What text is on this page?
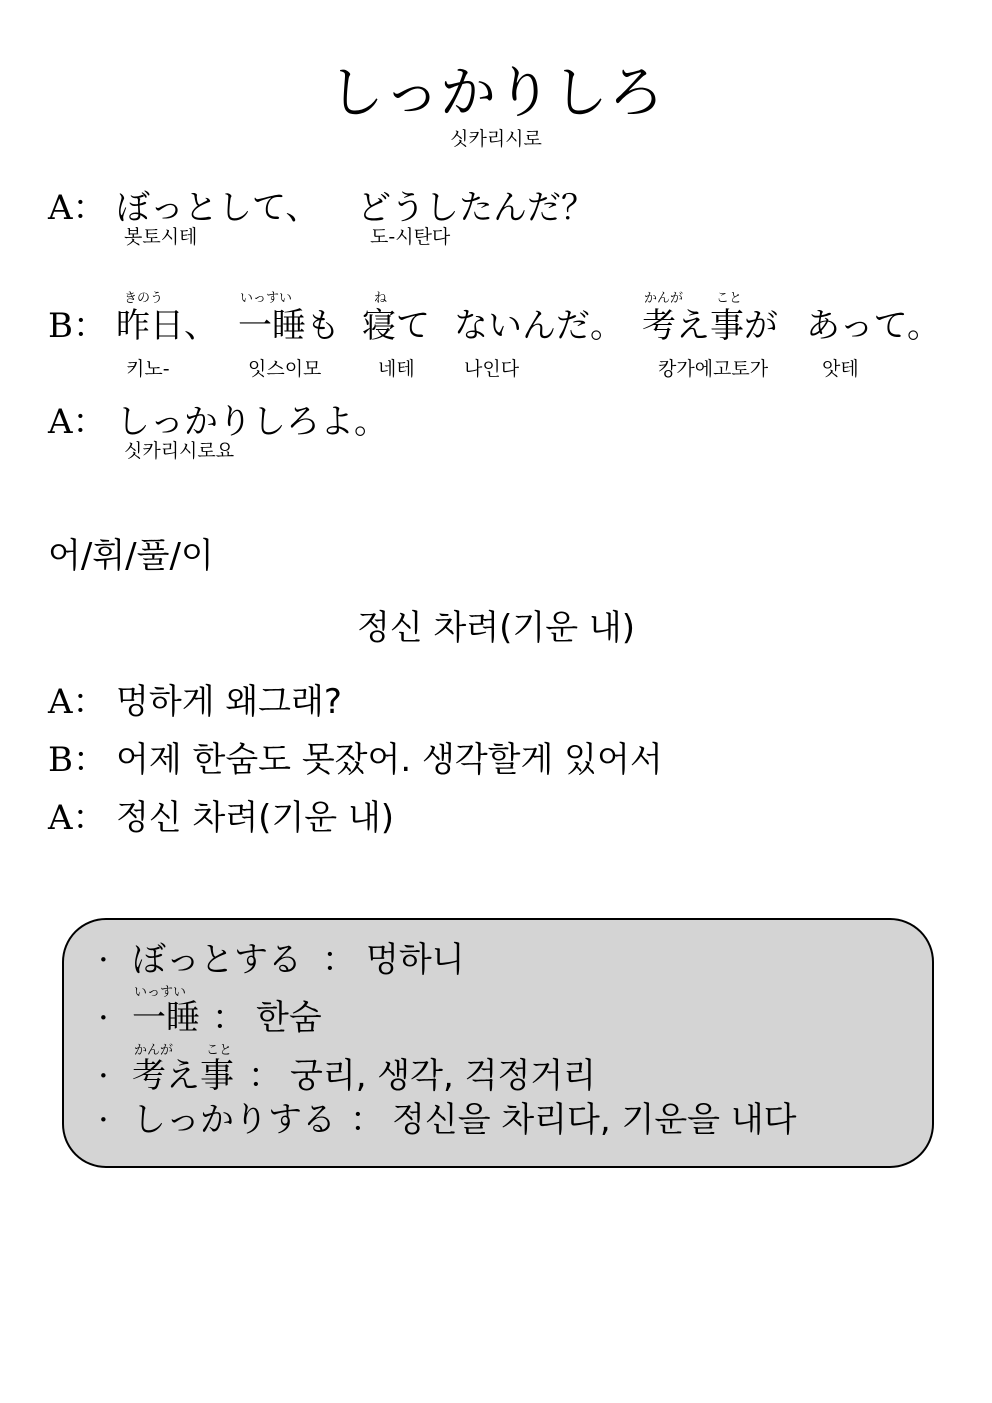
しっかりしろ
싯카리시로
A： ぼっとして、 どうしたんだ？
봇토시테	도-시탄다
きのう	いっすい	ね	かんが	こと
B： 昨日、 一睡も 寝て ないんだ。 考え事が あって。
키노-	잇스이모	네테	나인다	캉가에고토가	앗테
A： しっかりしろよ。
싯카리시로요
어/휘/풀/이
정신 차려(기운 내)
A： 멍하게 왜그래?
B： 어제 한숨도 못잤어. 생각할게 있어서
A： 정신 차려(기운 내)
· ぼっとする ： 멍하니
いっすい
· 一睡 ： 한숨
かんが	こと
· 考え事 ： 궁리, 생각, 걱정거리
· しっかりする ： 정신을 차리다, 기운을 내다
